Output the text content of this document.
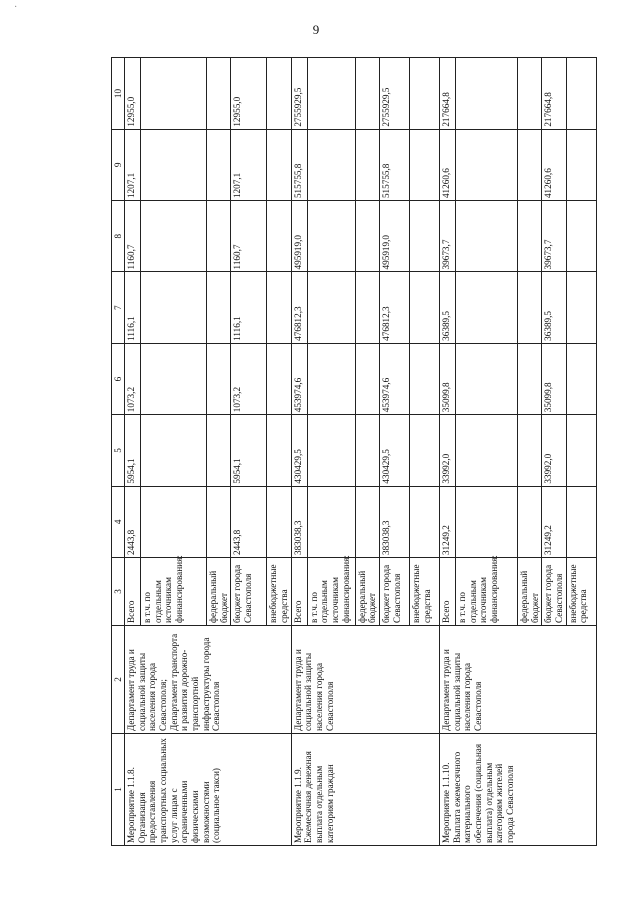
·
9
1	2	3	4	5	6	7	8	9	10
Мероприятие 1.1.8. Организация предоставления транспортных социальных услуг лицам с ограниченными физическими возможностями (социальное такси)	Департамент труда и социальной защиты населения города Севастополя; Департамент транспорта и развития дорожно-транспортной инфраструктуры города Севастополя	Всего	2443,8	5954,1	1073,2	1116,1	1160,7	1207,1	12955,0
		в т.ч. по отдельным источникам финансирования:							
		федеральный бюджет							
		бюджет города Севастополя	2443,8	5954,1	1073,2	1116,1	1160,7	1207,1	12955,0
		внебюджетные средства							
Мероприятие 1.1.9. Ежемесячная денежная выплата отдельным категориям граждан	Департамент труда и социальной защиты населения города Севастополя	Всего	383038,3	430429,5	453974,6	476812,3	495919,0	515755,8	2755929,5
		в т.ч. по отдельным источникам финансирования:							
		федеральный бюджет							
		бюджет города Севастополя	383038,3	430429,5	453974,6	476812,3	495919,0	515755,8	2755929,5
		внебюджетные средства							
Мероприятие 1.1.10. Выплата ежемесячного материального обеспечения (социальная выплата) отдельным категориям жителей города Севастополя	Департамент труда и социальной защиты населения города Севастополя	Всего	31249,2	33992,0	35099,8	36389,5	39673,7	41260,6	217664,8
		в т.ч. по отдельным источникам финансирования:							
		федеральный бюджет							
		бюджет города Севастополя	31249,2	33992,0	35099,8	36389,5	39673,7	41260,6	217664,8
		внебюджетные средства							
